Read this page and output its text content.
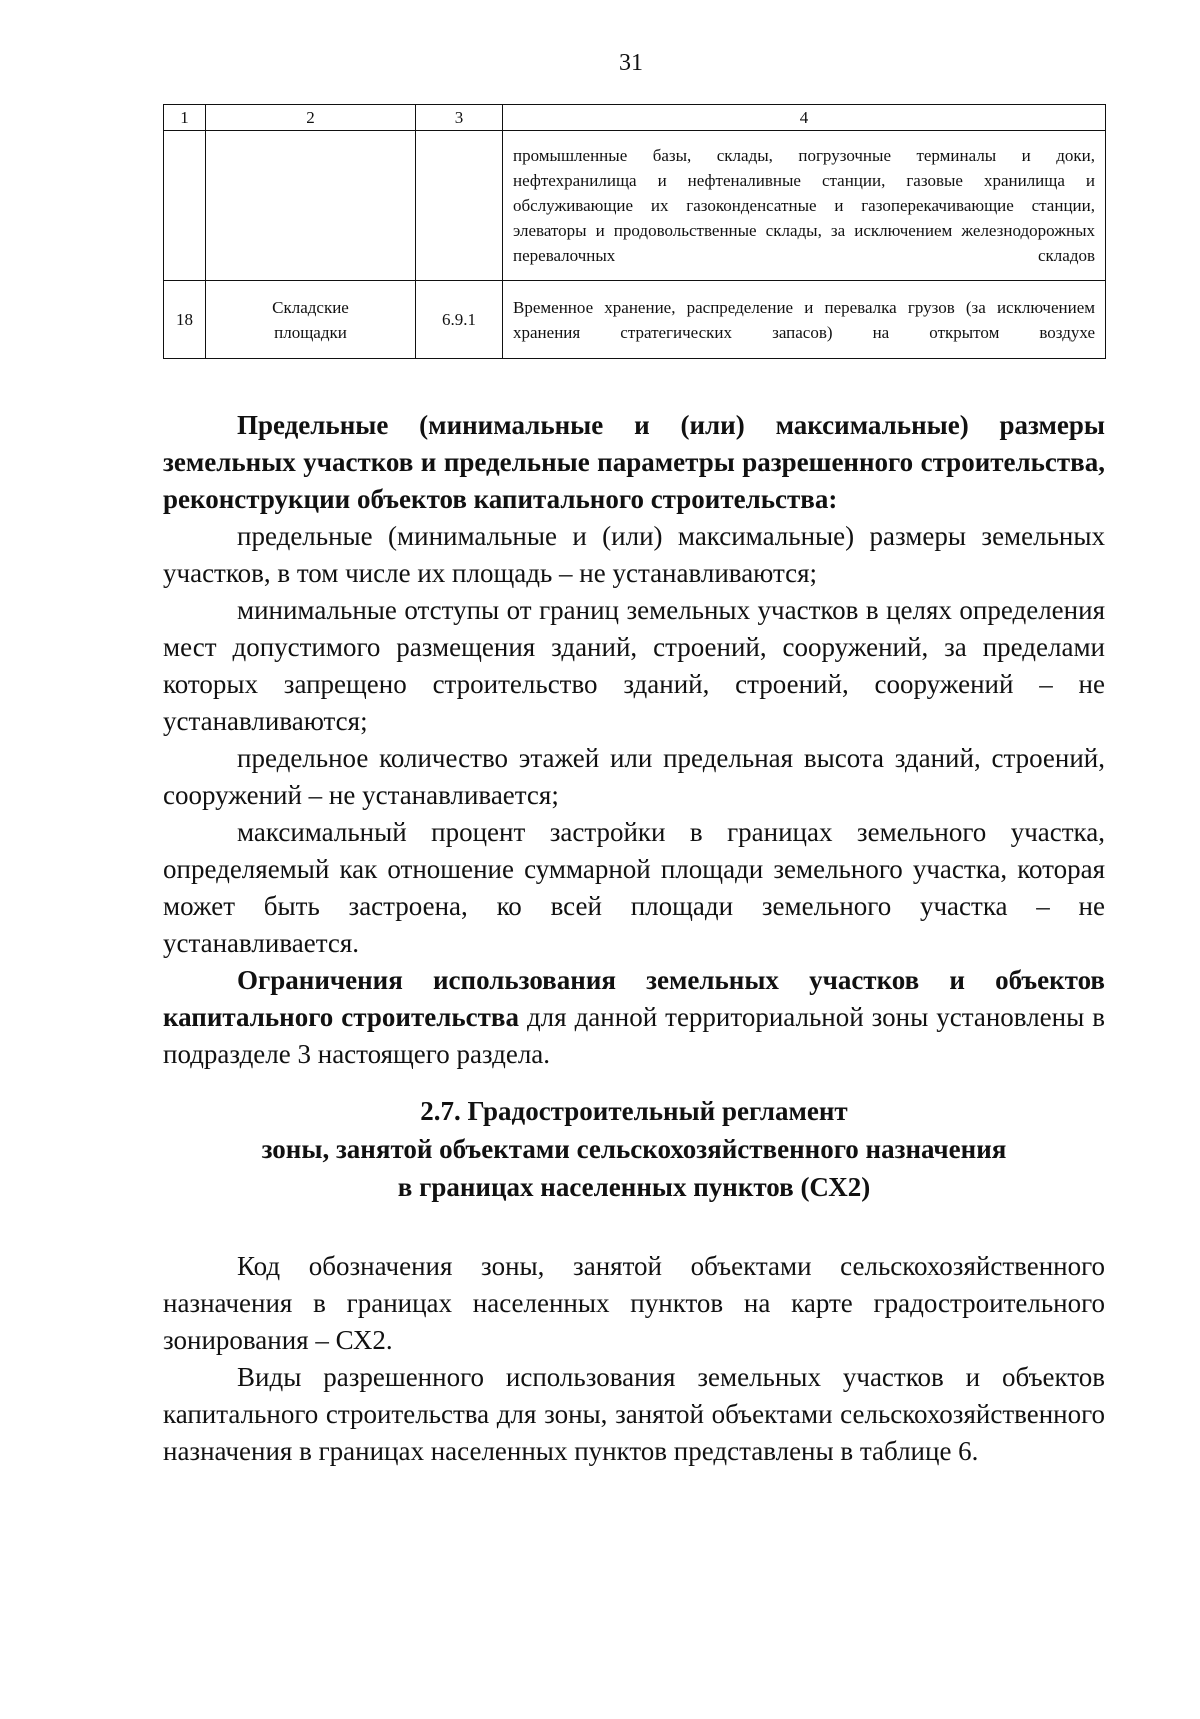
31
1	2	3	4
			промышленные базы, склады, погрузочные терминалы и доки, нефтехранилища и нефтеналивные станции, газовые хранилища и обслуживающие их газоконденсатные и газоперекачивающие станции, элеваторы и продовольственные склады, за исключением железнодорожных перевалочных складов
18	Складские площадки	6.9.1	Временное хранение, распределение и перевалка грузов (за исключением хранения стратегических запасов) на открытом воздухе

Предельные (минимальные и (или) максимальные) размеры земельных участков и предельные параметры разрешенного строительства, реконструкции объектов капитального строительства:

предельные (минимальные и (или) максимальные) размеры земельных участков, в том числе их площадь – не устанавливаются;

минимальные отступы от границ земельных участков в целях определения мест допустимого размещения зданий, строений, сооружений, за пределами которых запрещено строительство зданий, строений, сооружений – не устанавливаются;

предельное количество этажей или предельная высота зданий, строений, сооружений – не устанавливается;

максимальный процент застройки в границах земельного участка, определяемый как отношение суммарной площади земельного участка, которая может быть застроена, ко всей площади земельного участка – не устанавливается.

Ограничения использования земельных участков и объектов капитального строительства для данной территориальной зоны установлены в подразделе 3 настоящего раздела.

2.7. Градостроительный регламент
зоны, занятой объектами сельскохозяйственного назначения
в границах населенных пунктов (СХ2)

Код обозначения зоны, занятой объектами сельскохозяйственного назначения в границах населенных пунктов на карте градостроительного зонирования – СХ2.

Виды разрешенного использования земельных участков и объектов капитального строительства для зоны, занятой объектами сельскохозяйственного назначения в границах населенных пунктов представлены в таблице 6.
